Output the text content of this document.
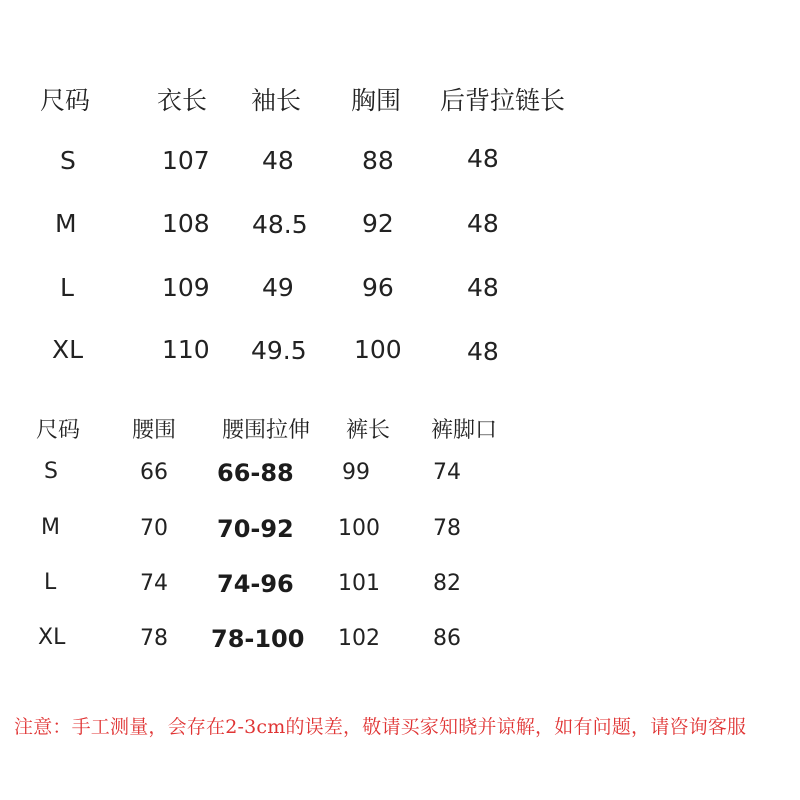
尺码	衣长 袖长 胸围 后背拉链长
S	107 48	88	48
M	108 48.5 92	48
L	109 49	96	48
XL	110 49.5 100	48
尺码 腰围 腰围拉伸 裤长 裤脚口
S	66 66-88 99	74
M	70 70-92 100 78
L	74 74-96 101 82
XL	78 78-100 102 86
注意：手工测量，会存在2-3cm的误差，敬请买家知晓并谅解，如有问题，请咨询客服
